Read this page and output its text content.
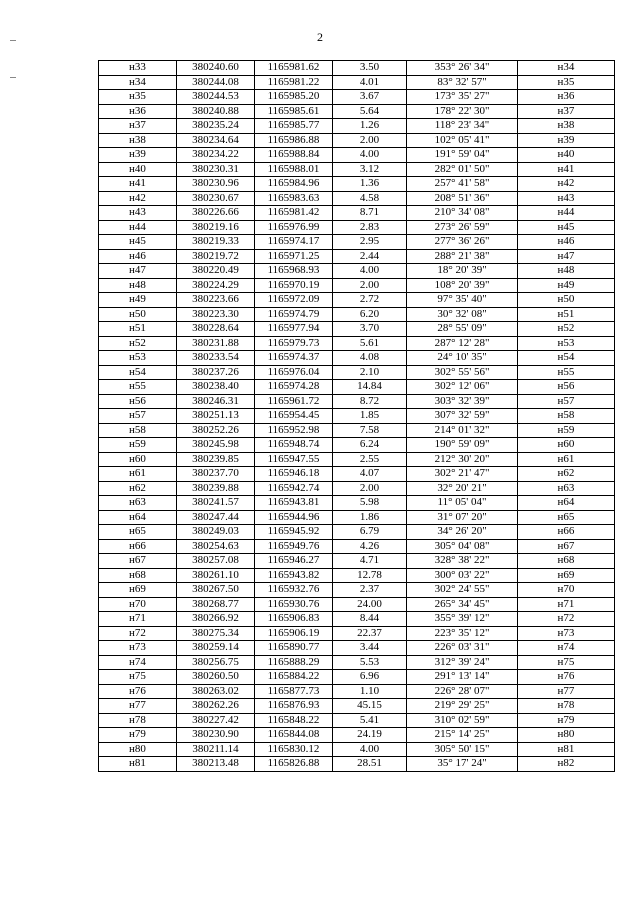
2
н33	380240.60	1165981.62	3.50	353° 26' 34"	н34
н34	380244.08	1165981.22	4.01	83° 32' 57"	н35
н35	380244.53	1165985.20	3.67	173° 35' 27"	н36
н36	380240.88	1165985.61	5.64	178° 22' 30"	н37
н37	380235.24	1165985.77	1.26	118° 23' 34"	н38
н38	380234.64	1165986.88	2.00	102° 05' 41"	н39
н39	380234.22	1165988.84	4.00	191° 59' 04"	н40
н40	380230.31	1165988.01	3.12	282° 01' 50"	н41
н41	380230.96	1165984.96	1.36	257° 41' 58"	н42
н42	380230.67	1165983.63	4.58	208° 51' 36"	н43
н43	380226.66	1165981.42	8.71	210° 34' 08"	н44
н44	380219.16	1165976.99	2.83	273° 26' 59"	н45
н45	380219.33	1165974.17	2.95	277° 36' 26"	н46
н46	380219.72	1165971.25	2.44	288° 21' 38"	н47
н47	380220.49	1165968.93	4.00	18° 20' 39"	н48
н48	380224.29	1165970.19	2.00	108° 20' 39"	н49
н49	380223.66	1165972.09	2.72	97° 35' 40"	н50
н50	380223.30	1165974.79	6.20	30° 32' 08"	н51
н51	380228.64	1165977.94	3.70	28° 55' 09"	н52
н52	380231.88	1165979.73	5.61	287° 12' 28"	н53
н53	380233.54	1165974.37	4.08	24° 10' 35"	н54
н54	380237.26	1165976.04	2.10	302° 55' 56"	н55
н55	380238.40	1165974.28	14.84	302° 12' 06"	н56
н56	380246.31	1165961.72	8.72	303° 32' 39"	н57
н57	380251.13	1165954.45	1.85	307° 32' 59"	н58
н58	380252.26	1165952.98	7.58	214° 01' 32"	н59
н59	380245.98	1165948.74	6.24	190° 59' 09"	н60
н60	380239.85	1165947.55	2.55	212° 30' 20"	н61
н61	380237.70	1165946.18	4.07	302° 21' 47"	н62
н62	380239.88	1165942.74	2.00	32° 20' 21"	н63
н63	380241.57	1165943.81	5.98	11° 05' 04"	н64
н64	380247.44	1165944.96	1.86	31° 07' 20"	н65
н65	380249.03	1165945.92	6.79	34° 26' 20"	н66
н66	380254.63	1165949.76	4.26	305° 04' 08"	н67
н67	380257.08	1165946.27	4.71	328° 38' 22"	н68
н68	380261.10	1165943.82	12.78	300° 03' 22"	н69
н69	380267.50	1165932.76	2.37	302° 24' 55"	н70
н70	380268.77	1165930.76	24.00	265° 34' 45"	н71
н71	380266.92	1165906.83	8.44	355° 39' 12"	н72
н72	380275.34	1165906.19	22.37	223° 35' 12"	н73
н73	380259.14	1165890.77	3.44	226° 03' 31"	н74
н74	380256.75	1165888.29	5.53	312° 39' 24"	н75
н75	380260.50	1165884.22	6.96	291° 13' 14"	н76
н76	380263.02	1165877.73	1.10	226° 28' 07"	н77
н77	380262.26	1165876.93	45.15	219° 29' 25"	н78
н78	380227.42	1165848.22	5.41	310° 02' 59"	н79
н79	380230.90	1165844.08	24.19	215° 14' 25"	н80
н80	380211.14	1165830.12	4.00	305° 50' 15"	н81
н81	380213.48	1165826.88	28.51	35° 17' 24"	н82
